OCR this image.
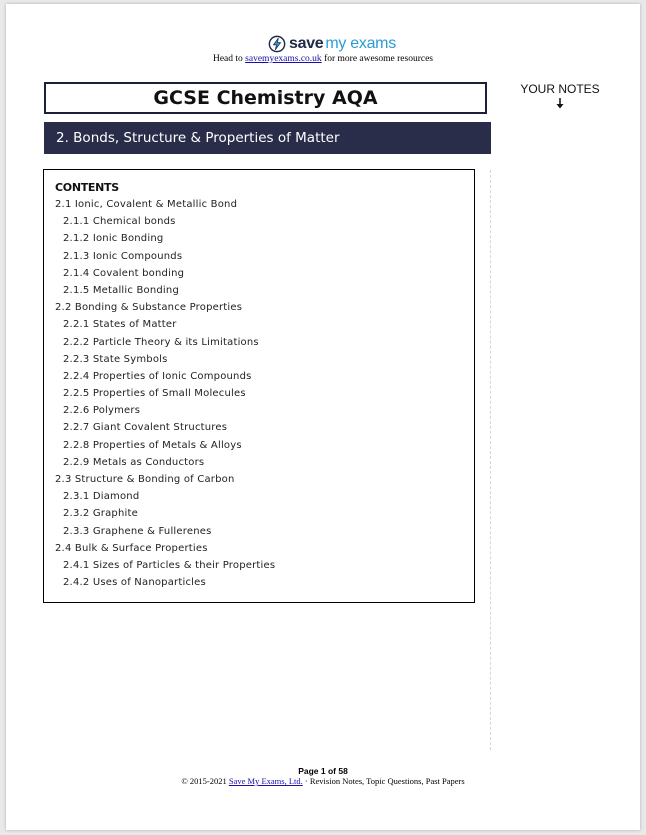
save my exams
Head to savemyexams.co.uk for more awesome resources
GCSE Chemistry AQA
2. Bonds, Structure & Properties of Matter
YOUR NOTES
CONTENTS
2.1 Ionic, Covalent & Metallic Bond
2.1.1 Chemical bonds
2.1.2 Ionic Bonding
2.1.3 Ionic Compounds
2.1.4 Covalent bonding
2.1.5 Metallic Bonding
2.2 Bonding & Substance Properties
2.2.1 States of Matter
2.2.2 Particle Theory & its Limitations
2.2.3 State Symbols
2.2.4 Properties of Ionic Compounds
2.2.5 Properties of Small Molecules
2.2.6 Polymers
2.2.7 Giant Covalent Structures
2.2.8 Properties of Metals & Alloys
2.2.9 Metals as Conductors
2.3 Structure & Bonding of Carbon
2.3.1 Diamond
2.3.2 Graphite
2.3.3 Graphene & Fullerenes
2.4 Bulk & Surface Properties
2.4.1 Sizes of Particles & their Properties
2.4.2 Uses of Nanoparticles
Page 1 of 58
© 2015-2021 Save My Exams, Ltd. · Revision Notes, Topic Questions, Past Papers
